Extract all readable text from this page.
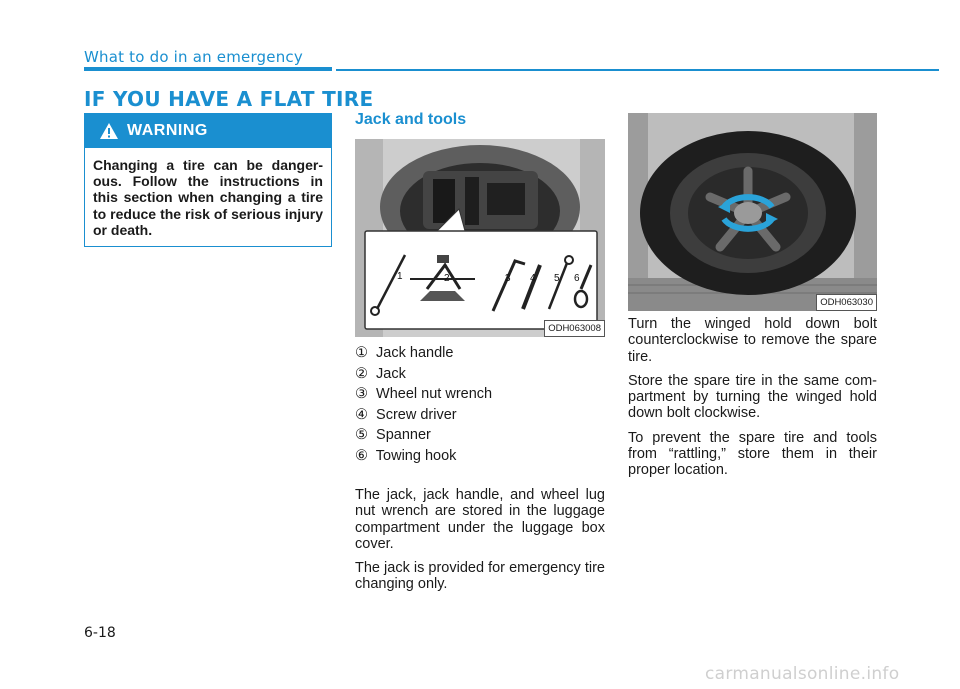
What to do in an emergency
IF YOU HAVE A FLAT TIRE
WARNING
Changing a tire can be danger-ous. Follow the instructions in this section when changing a tire to reduce the risk of serious injury or death.
Jack and tools
1	2	3 4 5 6
ODH063008
① Jack handle
② Jack
③ Wheel nut wrench
④ Screw driver
⑤ Spanner
⑥ Towing hook

The jack, jack handle, and wheel lug nut wrench are stored in the luggage compartment under the luggage box cover.

The jack is provided for emergency tire changing only.

ODH063030

Turn the winged hold down bolt counterclockwise to remove the spare tire.

Store the spare tire in the same com-partment by turning the winged hold down bolt clockwise.

To prevent the spare tire and tools from “rattling,” store them in their proper location.

6-18
carmanualsonline.info
